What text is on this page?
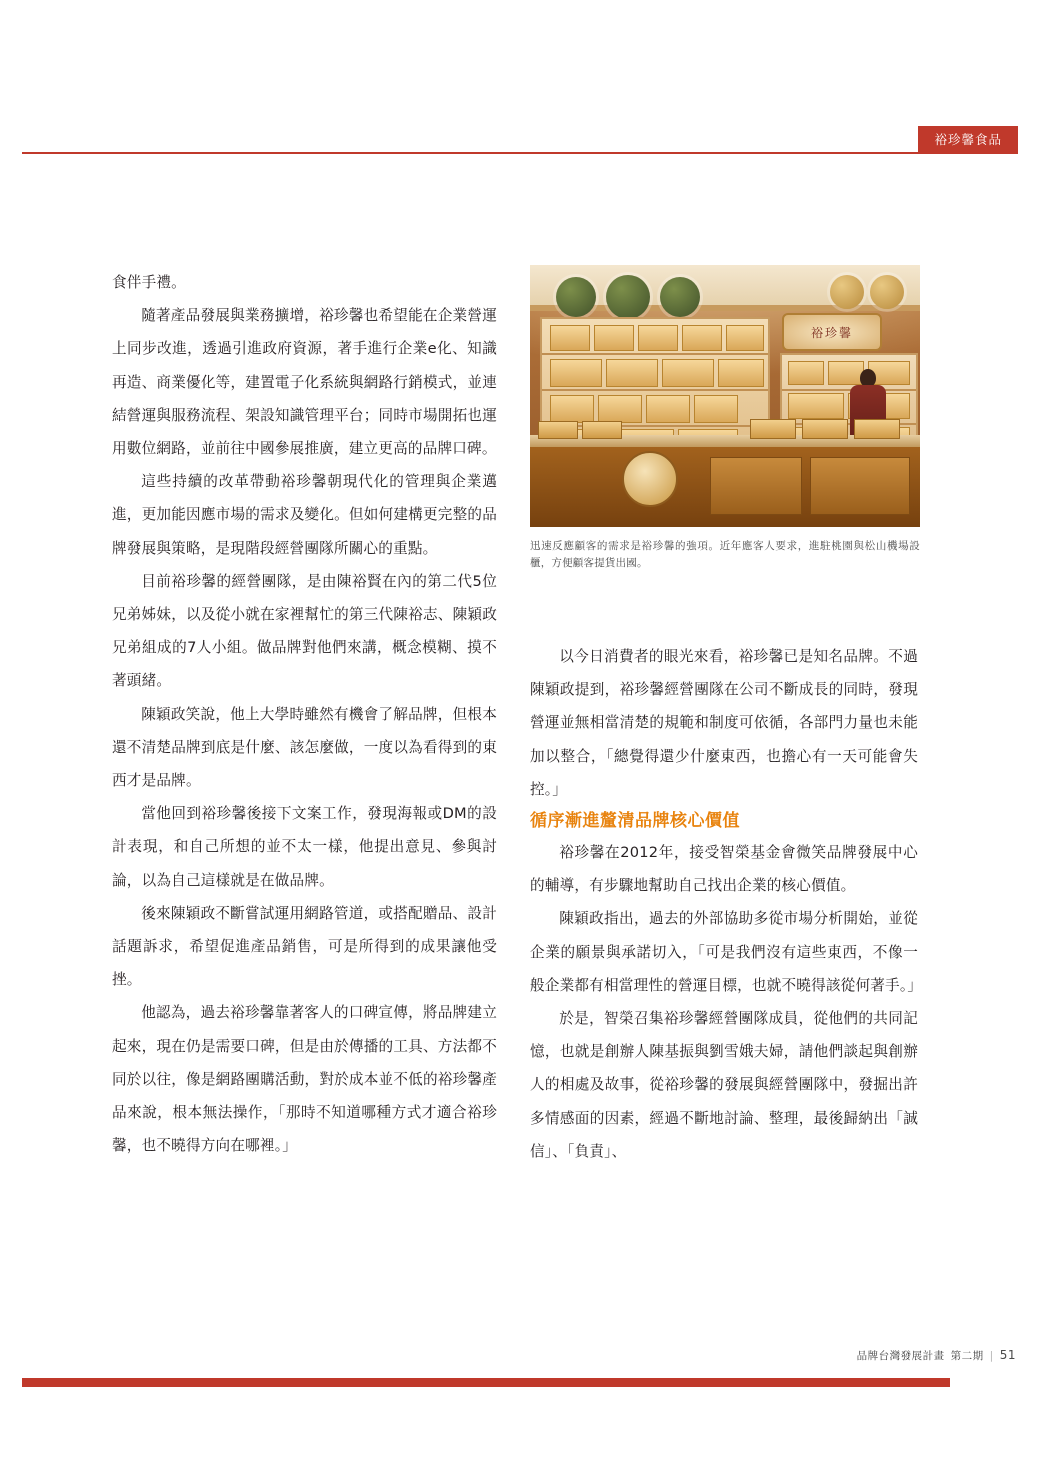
裕珍馨食品
裕珍馨
迅速反應顧客的需求是裕珍馨的強項。近年應客人要求，進駐桃園與松山機場設櫃，方便顧客提貨出國。

食伴手禮。

隨著產品發展與業務擴增，裕珍馨也希望能在企業營運上同步改進，透過引進政府資源，著手進行企業e化、知識再造、商業優化等，建置電子化系統與網路行銷模式，並連結營運與服務流程、架設知識管理平台；同時市場開拓也運用數位網路，並前往中國參展推廣，建立更高的品牌口碑。

這些持續的改革帶動裕珍馨朝現代化的管理與企業邁進，更加能因應市場的需求及變化。但如何建構更完整的品牌發展與策略，是現階段經營團隊所關心的重點。

目前裕珍馨的經營團隊，是由陳裕賢在內的第二代5位兄弟姊妹，以及從小就在家裡幫忙的第三代陳裕志、陳穎政兄弟組成的7人小組。做品牌對他們來講，概念模糊、摸不著頭緒。

陳穎政笑說，他上大學時雖然有機會了解品牌，但根本還不清楚品牌到底是什麼、該怎麼做，一度以為看得到的東西才是品牌。

當他回到裕珍馨後接下文案工作，發現海報或DM的設計表現，和自己所想的並不太一樣，他提出意見、參與討論，以為自己這樣就是在做品牌。

後來陳穎政不斷嘗試運用網路管道，或搭配贈品、設計話題訴求，希望促進產品銷售，可是所得到的成果讓他受挫。

他認為，過去裕珍馨靠著客人的口碑宣傳，將品牌建立起來，現在仍是需要口碑，但是由於傳播的工具、方法都不同於以往，像是網路團購活動，對於成本並不低的裕珍馨產品來說，根本無法操作，「那時不知道哪種方式才適合裕珍馨，也不曉得方向在哪裡。」

以今日消費者的眼光來看，裕珍馨已是知名品牌。不過陳穎政提到，裕珍馨經營團隊在公司不斷成長的同時，發現營運並無相當清楚的規範和制度可依循，各部門力量也未能加以整合，「總覺得還少什麼東西，也擔心有一天可能會失控。」

循序漸進釐清品牌核心價值

裕珍馨在2012年，接受智榮基金會微笑品牌發展中心的輔導，有步驟地幫助自己找出企業的核心價值。

陳穎政指出，過去的外部協助多從市場分析開始，並從企業的願景與承諾切入，「可是我們沒有這些東西，不像一般企業都有相當理性的營運目標，也就不曉得該從何著手。」

於是，智榮召集裕珍馨經營團隊成員，從他們的共同記憶，也就是創辦人陳基振與劉雪娥夫婦，請他們談起與創辦人的相處及故事，從裕珍馨的發展與經營團隊中，發掘出許多情感面的因素，經過不斷地討論、整理，最後歸納出「誠信」、「負責」、

品牌台灣發展計畫 第二期 | 51
